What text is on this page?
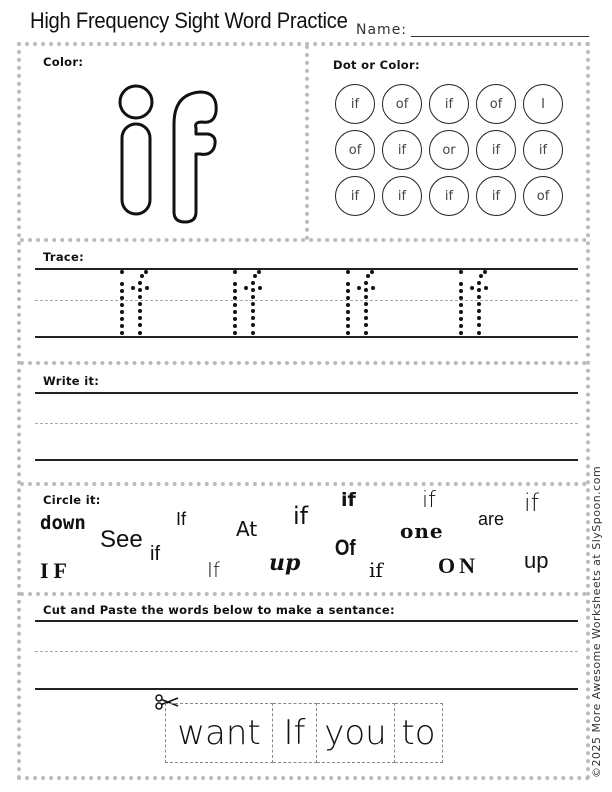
High Frequency Sight Word Practice Name:
Color:	Dot or Color:
if	of	if	of	I
of	if	or	if	if
if	if	if	if	of
Trace:
Write it:
Circle it:	if	if	if
down	If	if
one are
See	At
if
IF	up
Of
If	if	ON up
Cut and Paste the words below to make a sentance:
want If you to	©2025 More Awesome Worksheets at SlySpoon.com
